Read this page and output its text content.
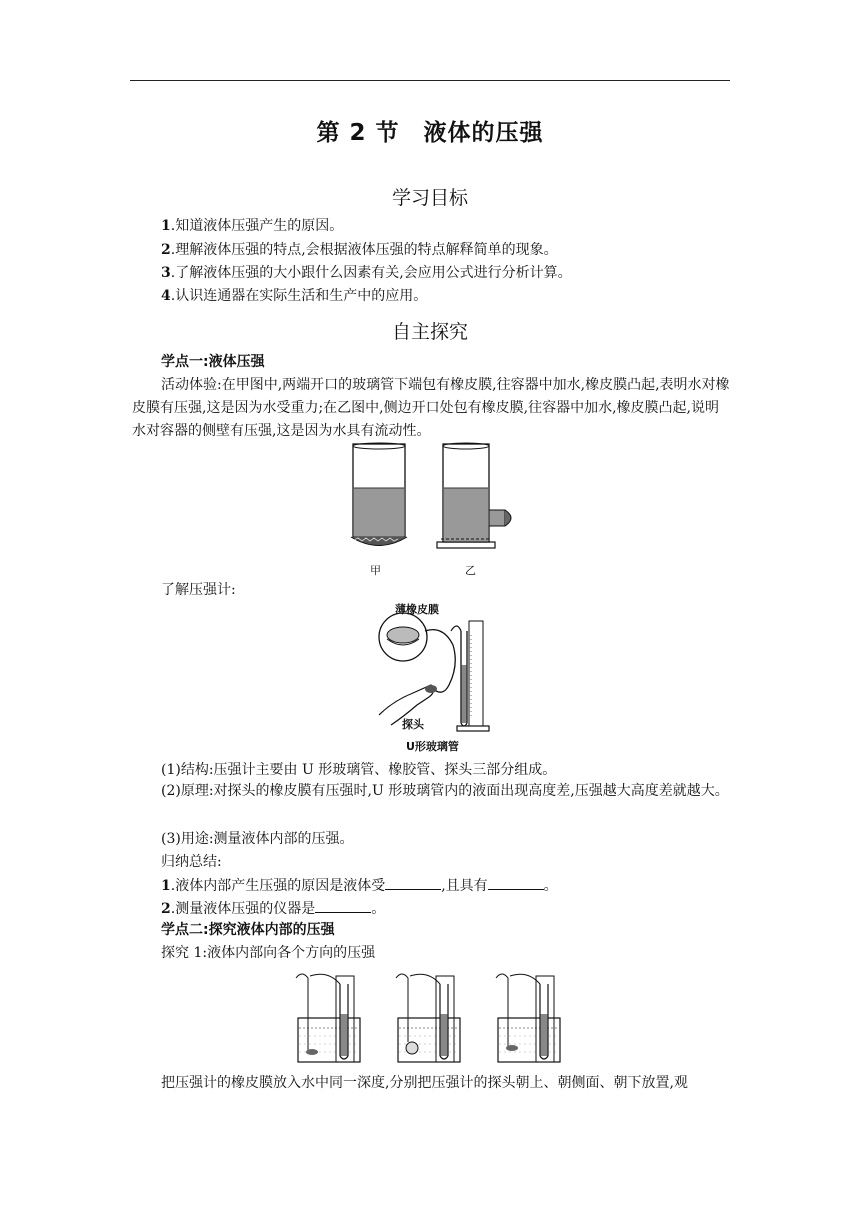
第 2 节　液体的压强
学习目标
1.知道液体压强产生的原因。
2.理解液体压强的特点,会根据液体压强的特点解释简单的现象。
3.了解液体压强的大小跟什么因素有关,会应用公式进行分析计算。
4.认识连通器在实际生活和生产中的应用。
自主探究
学点一:液体压强
活动体验:在甲图中,两端开口的玻璃管下端包有橡皮膜,往容器中加水,橡皮膜凸起,表明水对橡皮膜有压强,这是因为水受重力;在乙图中,侧边开口处包有橡皮膜,往容器中加水,橡皮膜凸起,说明水对容器的侧壁有压强,这是因为水具有流动性。
甲	乙
了解压强计:
薄橡皮膜
探头
U形玻璃管
(1)结构:压强计主要由 U 形玻璃管、橡胶管、探头三部分组成。
(2)原理:对探头的橡皮膜有压强时,U 形玻璃管内的液面出现高度差,压强越大高度差就越大。
(3)用途:测量液体内部的压强。
归纳总结:
1.液体内部产生压强的原因是液体受	,且具有	。
2.测量液体压强的仪器是	。
学点二:探究液体内部的压强
探究 1:液体内部向各个方向的压强
把压强计的橡皮膜放入水中同一深度,分别把压强计的探头朝上、朝侧面、朝下放置,观
